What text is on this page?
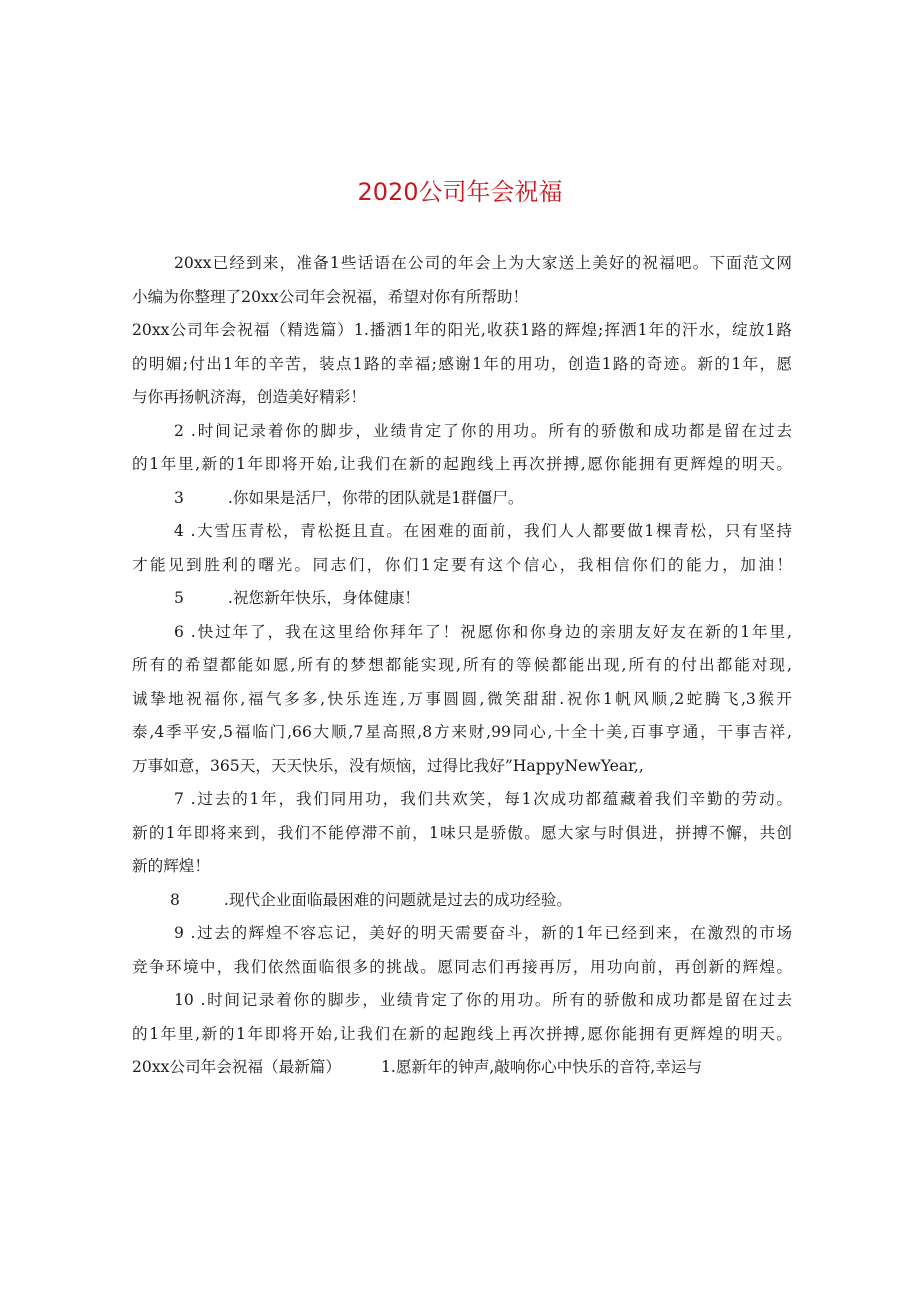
2020公司年会祝福
20xx已经到来，准备1些话语在公司的年会上为大家送上美好的祝福吧。下面范文网
小编为你整理了20xx公司年会祝福，希望对你有所帮助！
20xx公司年会祝福（精选篇）1.播洒1年的阳光,收获1路的辉煌;挥洒1年的汗水，绽放1路
的明媚;付出1年的辛苦，装点1路的幸福;感谢1年的用功，创造1路的奇迹。新的1年，愿
与你再扬帆济海，创造美好精彩！
2 .时间记录着你的脚步，业绩肯定了你的用功。所有的骄傲和成功都是留在过去
的1年里,新的1年即将开始,让我们在新的起跑线上再次拼搏,愿你能拥有更辉煌的明天。
3	.你如果是活尸，你带的团队就是1群僵尸。
4 .大雪压青松，青松挺且直。在困难的面前，我们人人都要做1棵青松，只有坚持
才能见到胜利的曙光。同志们，你们1定要有这个信心，我相信你们的能力，加油！
5	.祝您新年快乐，身体健康！
6 .快过年了，我在这里给你拜年了！祝愿你和你身边的亲朋友好友在新的1年里,
所有的希望都能如愿,所有的梦想都能实现,所有的等候都能出现,所有的付出都能对现,
诚挚地祝福你,福气多多,快乐连连,万事圆圆,微笑甜甜.祝你1帆风顺,2蛇腾飞,3猴开
泰,4季平安,5福临门,66大顺,7星高照,8方来财,99同心,十全十美,百事亨通，干事吉祥,
万事如意，365天，天天快乐，没有烦恼，过得比我好”HappyNewYear,,
7 .过去的1年，我们同用功，我们共欢笑，每1次成功都蕴藏着我们辛勤的劳动。
新的1年即将来到，我们不能停滞不前，1味只是骄傲。愿大家与时俱进，拼搏不懈，共创
新的辉煌！
8	.现代企业面临最困难的问题就是过去的成功经验。
9 .过去的辉煌不容忘记，美好的明天需要奋斗，新的1年已经到来，在激烈的市场
竞争环境中，我们依然面临很多的挑战。愿同志们再接再厉，用功向前，再创新的辉煌。
10 .时间记录着你的脚步，业绩肯定了你的用功。所有的骄傲和成功都是留在过去
的1年里,新的1年即将开始,让我们在新的起跑线上再次拼搏,愿你能拥有更辉煌的明天。
20xx公司年会祝福（最新篇）	1.愿新年的钟声,敲响你心中快乐的音符,幸运与
